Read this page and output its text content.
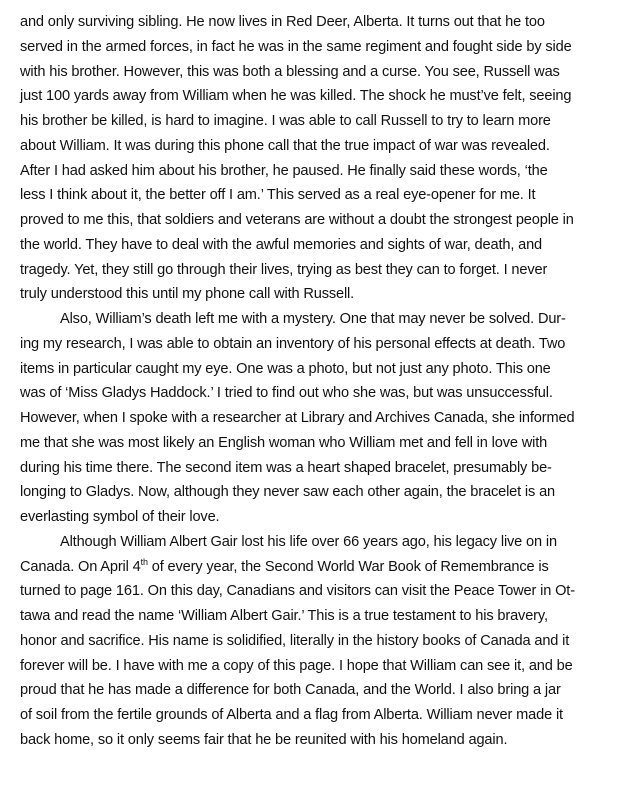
and only surviving sibling. He now lives in Red Deer, Alberta. It turns out that he too
served in the armed forces, in fact he was in the same regiment and fought side by side
with his brother. However, this was both a blessing and a curse. You see, Russell was
just 100 yards away from William when he was killed. The shock he must’ve felt, seeing
his brother be killed, is hard to imagine. I was able to call Russell to try to learn more
about William. It was during this phone call that the true impact of war was revealed.
After I had asked him about his brother, he paused. He finally said these words, ‘the
less I think about it, the better off I am.’ This served as a real eye-opener for me. It
proved to me this, that soldiers and veterans are without a doubt the strongest people in
the world. They have to deal with the awful memories and sights of war, death, and
tragedy. Yet, they still go through their lives, trying as best they can to forget. I never
truly understood this until my phone call with Russell.
Also, William’s death left me with a mystery. One that may never be solved. Dur-
ing my research, I was able to obtain an inventory of his personal effects at death. Two
items in particular caught my eye. One was a photo, but not just any photo. This one
was of ‘Miss Gladys Haddock.’ I tried to find out who she was, but was unsuccessful.
However, when I spoke with a researcher at Library and Archives Canada, she informed
me that she was most likely an English woman who William met and fell in love with
during his time there. The second item was a heart shaped bracelet, presumably be-
longing to Gladys. Now, although they never saw each other again, the bracelet is an
everlasting symbol of their love.
Although William Albert Gair lost his life over 66 years ago, his legacy live on in
Canada. On April 4th of every year, the Second World War Book of Remembrance is
turned to page 161. On this day, Canadians and visitors can visit the Peace Tower in Ot-
tawa and read the name ‘William Albert Gair.’ This is a true testament to his bravery,
honor and sacrifice. His name is solidified, literally in the history books of Canada and it
forever will be. I have with me a copy of this page. I hope that William can see it, and be
proud that he has made a difference for both Canada, and the World. I also bring a jar
of soil from the fertile grounds of Alberta and a flag from Alberta. William never made it
back home, so it only seems fair that he be reunited with his homeland again.
